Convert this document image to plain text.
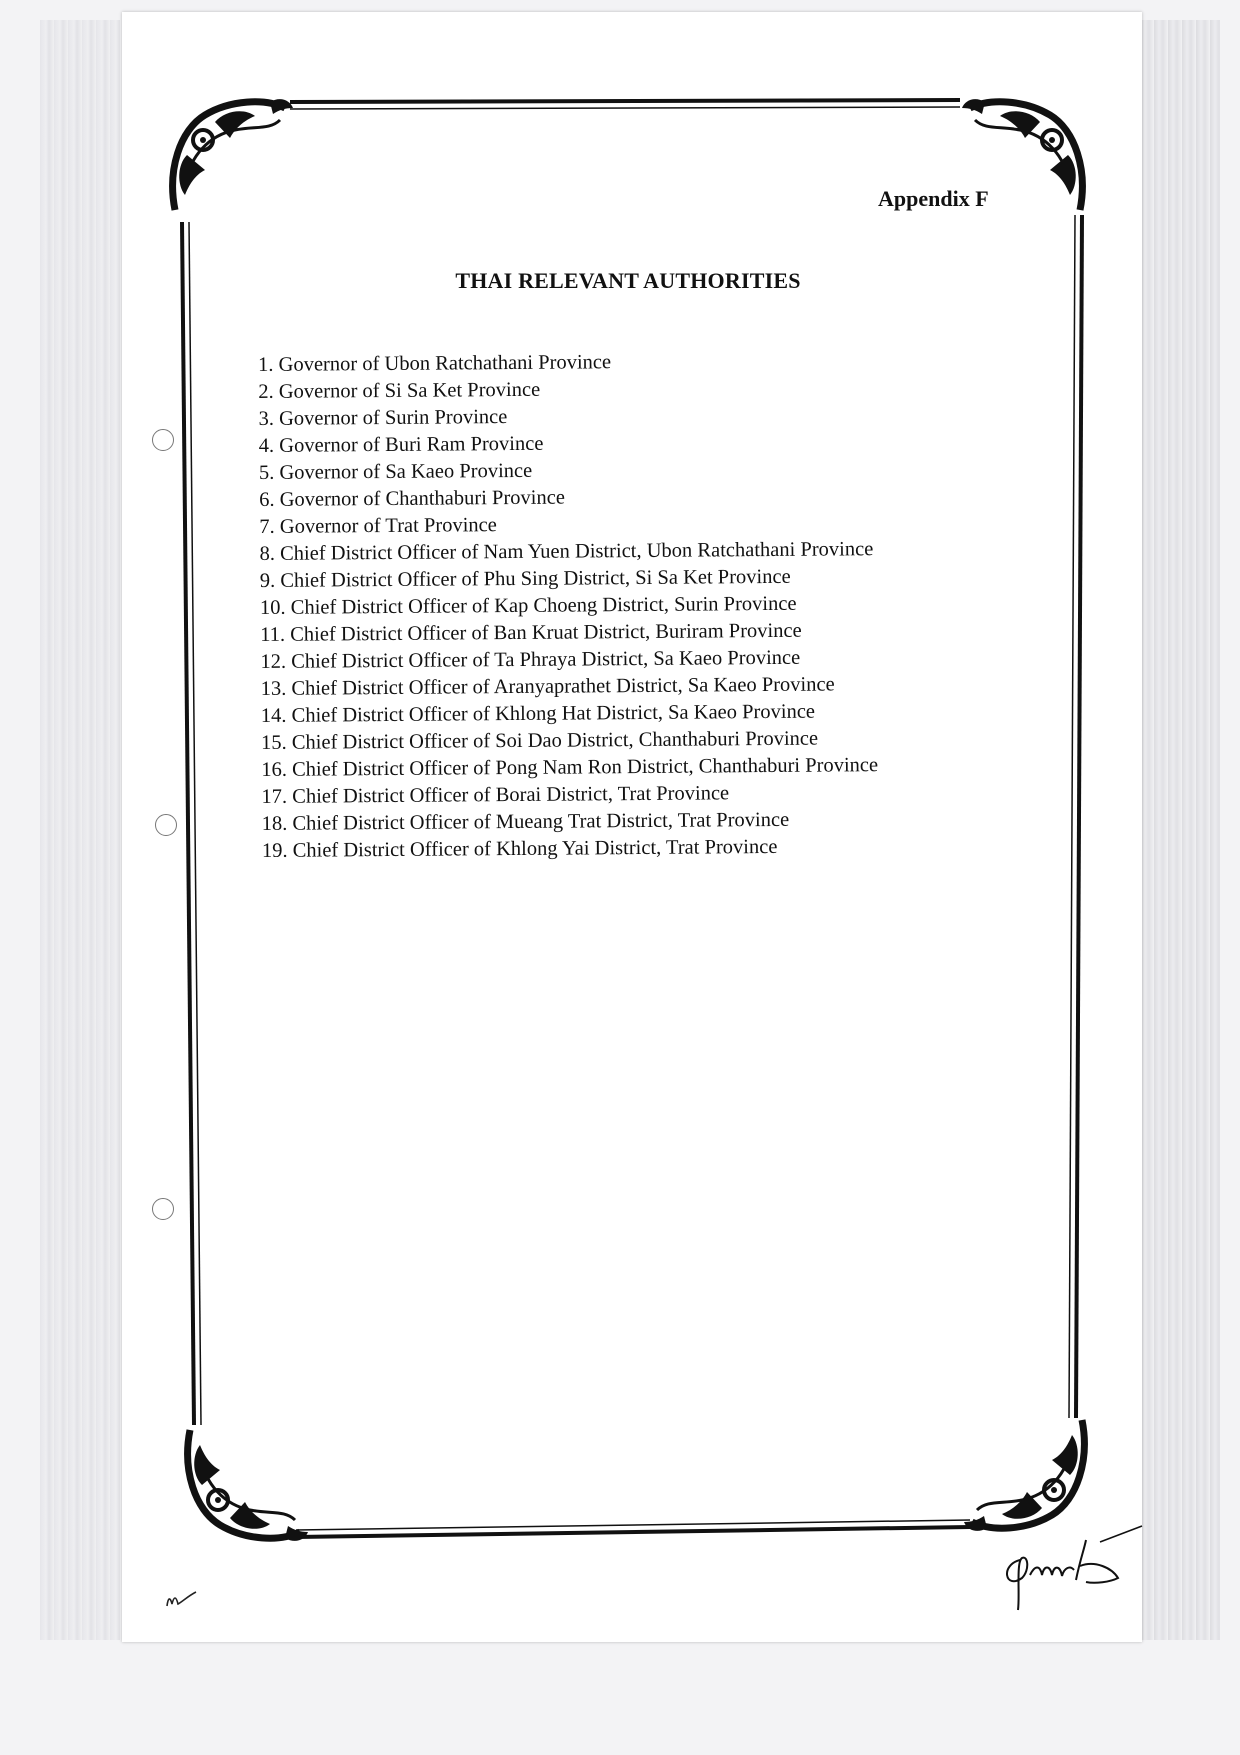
Appendix F
THAI RELEVANT AUTHORITIES
1. Governor of Ubon Ratchathani Province
2. Governor of Si Sa Ket Province
3. Governor of Surin Province
4. Governor of Buri Ram Province
5. Governor of Sa Kaeo Province
6. Governor of Chanthaburi Province
7. Governor of Trat Province
8. Chief District Officer of Nam Yuen District, Ubon Ratchathani Province
9. Chief District Officer of Phu Sing District, Si Sa Ket Province
10. Chief District Officer of Kap Choeng District, Surin Province
11. Chief District Officer of Ban Kruat District, Buriram Province
12. Chief District Officer of Ta Phraya District, Sa Kaeo Province
13. Chief District Officer of Aranyaprathet District, Sa Kaeo Province
14. Chief District Officer of Khlong Hat District, Sa Kaeo Province
15. Chief District Officer of Soi Dao District, Chanthaburi Province
16. Chief District Officer of Pong Nam Ron District, Chanthaburi Province
17. Chief District Officer of Borai District, Trat Province
18. Chief District Officer of Mueang Trat District, Trat Province
19. Chief District Officer of Khlong Yai District, Trat Province
